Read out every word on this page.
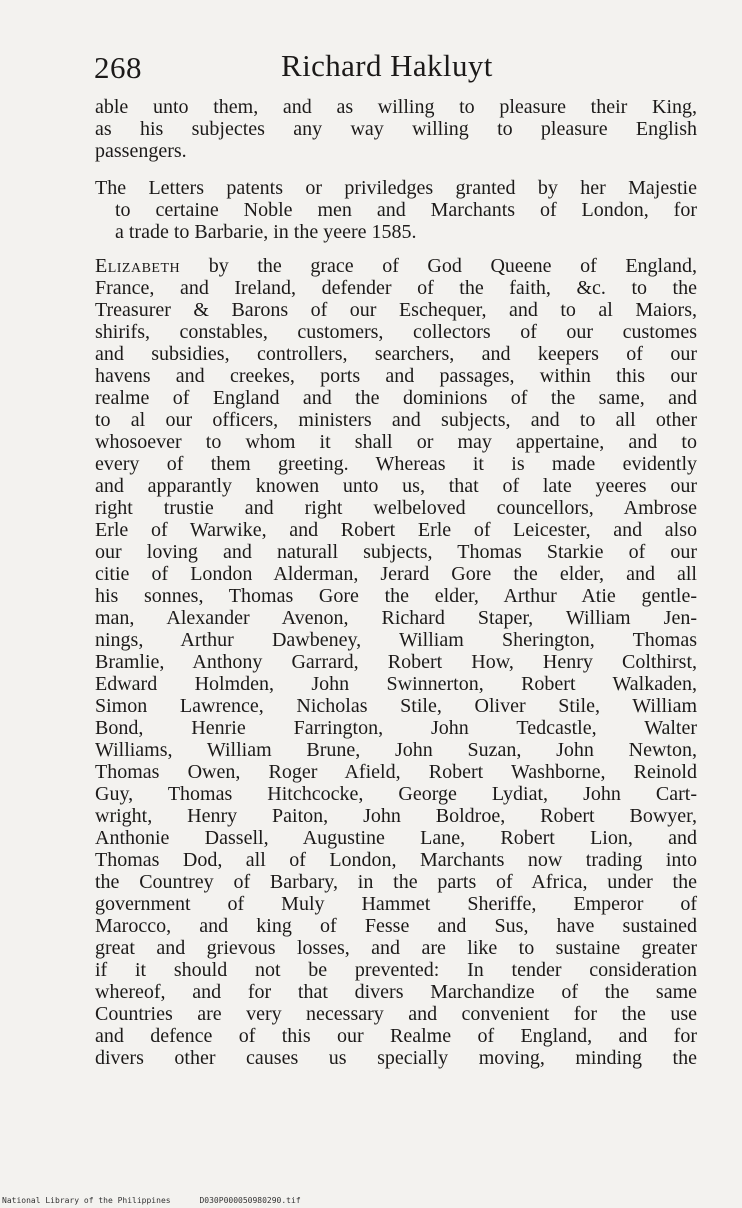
268	Richard Hakluyt
able unto them, and as willing to pleasure their King,
as his subjectes any way willing to pleasure English
passengers.
The Letters patents or priviledges granted by her Majestie
to certaine Noble men and Marchants of London, for
a trade to Barbarie, in the yeere 1585.
Elizabeth by the grace of God Queene of England,
France, and Ireland, defender of the faith, &c. to the
Treasurer & Barons of our Eschequer, and to al Maiors,
shirifs, constables, customers, collectors of our customes
and subsidies, controllers, searchers, and keepers of our
havens and creekes, ports and passages, within this our
realme of England and the dominions of the same, and
to al our officers, ministers and subjects, and to all other
whosoever to whom it shall or may appertaine, and to
every of them greeting. Whereas it is made evidently
and apparantly knowen unto us, that of late yeeres our
right trustie and right welbeloved councellors, Ambrose
Erle of Warwike, and Robert Erle of Leicester, and also
our loving and naturall subjects, Thomas Starkie of our
citie of London Alderman, Jerard Gore the elder, and all
his sonnes, Thomas Gore the elder, Arthur Atie gentle-
man, Alexander Avenon, Richard Staper, William Jen-
nings, Arthur Dawbeney, William Sherington, Thomas
Bramlie, Anthony Garrard, Robert How, Henry Colthirst,
Edward Holmden, John Swinnerton, Robert Walkaden,
Simon Lawrence, Nicholas Stile, Oliver Stile, William
Bond, Henrie Farrington, John Tedcastle, Walter
Williams, William Brune, John Suzan, John Newton,
Thomas Owen, Roger Afield, Robert Washborne, Reinold
Guy, Thomas Hitchcocke, George Lydiat, John Cart-
wright, Henry Paiton, John Boldroe, Robert Bowyer,
Anthonie Dassell, Augustine Lane, Robert Lion, and
Thomas Dod, all of London, Marchants now trading into
the Countrey of Barbary, in the parts of Africa, under the
government of Muly Hammet Sheriffe, Emperor of
Marocco, and king of Fesse and Sus, have sustained
great and grievous losses, and are like to sustaine greater
if it should not be prevented: In tender consideration
whereof, and for that divers Marchandize of the same
Countries are very necessary and convenient for the use
and defence of this our Realme of England, and for
divers other causes us specially moving, minding the
National Library of the Philippines	D030P000050980290.tif
